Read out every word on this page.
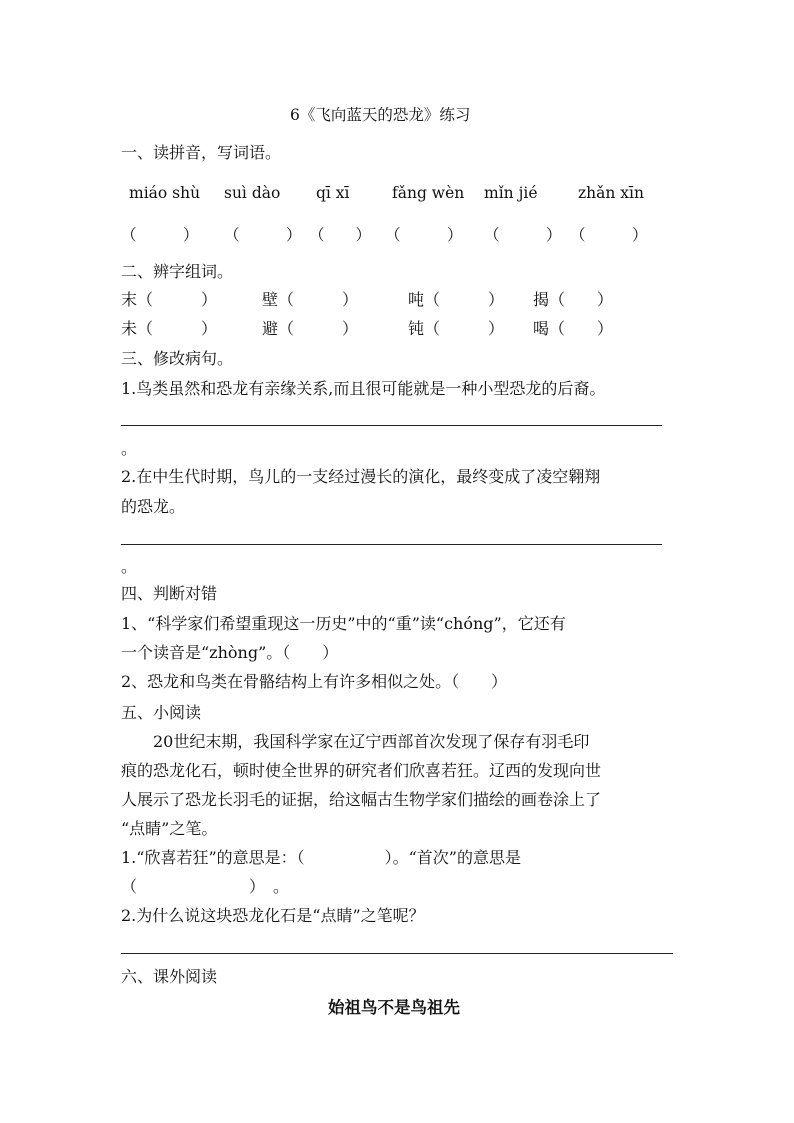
6《飞向蓝天的恐龙》练习
一、读拼音，写词语。
miáo shù suì dào qī xī	fǎng wèn mǐn jié	zhǎn xīn
（　　　） （　　　） （　　） （　　　） （　　　） （　　　）
二、辨字组词。
末（　　　）	壁（　　　）	吨（　　　） 揭（　　）
未（　　　）	避（　　　）	钝（　　　） 喝（　　）
三、修改病句。
1.鸟类虽然和恐龙有亲缘关系,而且很可能就是一种小型恐龙的后裔。
。
2.在中生代时期，鸟儿的一支经过漫长的演化，最终变成了凌空翱翔
的恐龙。
。
四、判断对错
1、“科学家们希望重现这一历史”中的“重”读“chóng”，它还有
一个读音是“zhòng”。（　　）
2、恐龙和鸟类在骨骼结构上有许多相似之处。（　　）
五、小阅读
20世纪末期，我国科学家在辽宁西部首次发现了保存有羽毛印
痕的恐龙化石，顿时使全世界的研究者们欣喜若狂。辽西的发现向世
人展示了恐龙长羽毛的证据，给这幅古生物学家们描绘的画卷涂上了
“点睛”之笔。
1.“欣喜若狂”的意思是：（　　　　　）。“首次”的意思是
（　　　　　　　）　。
2.为什么说这块恐龙化石是“点睛”之笔呢？
六、课外阅读
始祖鸟不是鸟祖先
